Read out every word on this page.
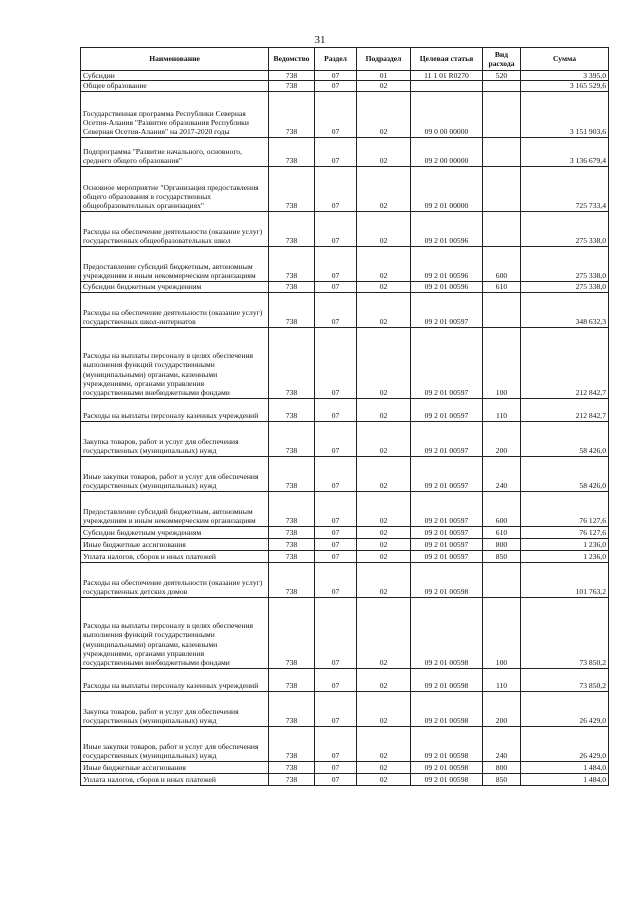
31
Наименование	Ведомство	Раздел	Подраздел	Целевая статья	Вид расхода	Сумма
Субсидии	738	07	01	11 1 01 R0270	520	3 395,0
Общее образование	738	07	02			3 165 529,6
Государственная программа Республики Северная Осетия-Алания "Развитие образования Республики Северная Осетия-Алания" на 2017-2020 годы	738	07	02	09 0 00 00000		3 151 903,6
Подпрограмма "Развитие начального, основного, среднего общего образования"	738	07	02	09 2 00 00000		3 136 679,4
Основное мероприятие "Организация предоставления общего образования в государственных общеобразовательных организациях"	738	07	02	09 2 01 00000		725 733,4
Расходы на обеспечение деятельности (оказание услуг) государственных общеобразовательных школ	738	07	02	09 2 01 00596		275 338,0
Предоставление субсидий бюджетным, автономным учреждениям и иным некоммерческим организациям	738	07	02	09 2 01 00596	600	275 338,0
Субсидии бюджетным учреждениям	738	07	02	09 2 01 00596	610	275 338,0
Расходы на обеспечение деятельности (оказание услуг) государственных школ-интернатов	738	07	02	09 2 01 00597		348 632,3
Расходы на выплаты персоналу в целях обеспечения выполнения функций государственными (муниципальными) органами, казенными учреждениями, органами управления государственными внебюджетными фондами	738	07	02	09 2 01 00597	100	212 842,7
Расходы на выплаты персоналу казенных учреждений	738	07	02	09 2 01 00597	110	212 842,7
Закупка товаров, работ и услуг для обеспечения государственных (муниципальных) нужд	738	07	02	09 2 01 00597	200	58 426,0
Иные закупки товаров, работ и услуг для обеспечения государственных (муниципальных) нужд	738	07	02	09 2 01 00597	240	58 426,0
Предоставление субсидий бюджетным, автономным учреждениям и иным некоммерческим организациям	738	07	02	09 2 01 00597	600	76 127,6
Субсидии бюджетным учреждениям	738	07	02	09 2 01 00597	610	76 127,6
Иные бюджетные ассигнования	738	07	02	09 2 01 00597	800	1 236,0
Уплата налогов, сборов и иных платежей	738	07	02	09 2 01 00597	850	1 236,0
Расходы на обеспечение деятельности (оказание услуг) государственных детских домов	738	07	02	09 2 01 00598		101 763,2
Расходы на выплаты персоналу в целях обеспечения выполнения функций государственными (муниципальными) органами, казенными учреждениями, органами управления государственными внебюджетными фондами	738	07	02	09 2 01 00598	100	73 850,2
Расходы на выплаты персоналу казенных учреждений	738	07	02	09 2 01 00598	110	73 850,2
Закупка товаров, работ и услуг для обеспечения государственных (муниципальных) нужд	738	07	02	09 2 01 00598	200	26 429,0
Иные закупки товаров, работ и услуг для обеспечения государственных (муниципальных) нужд	738	07	02	09 2 01 00598	240	26 429,0
Иные бюджетные ассигнования	738	07	02	09 2 01 00598	800	1 484,0
Уплата налогов, сборов и иных платежей	738	07	02	09 2 01 00598	850	1 484,0
